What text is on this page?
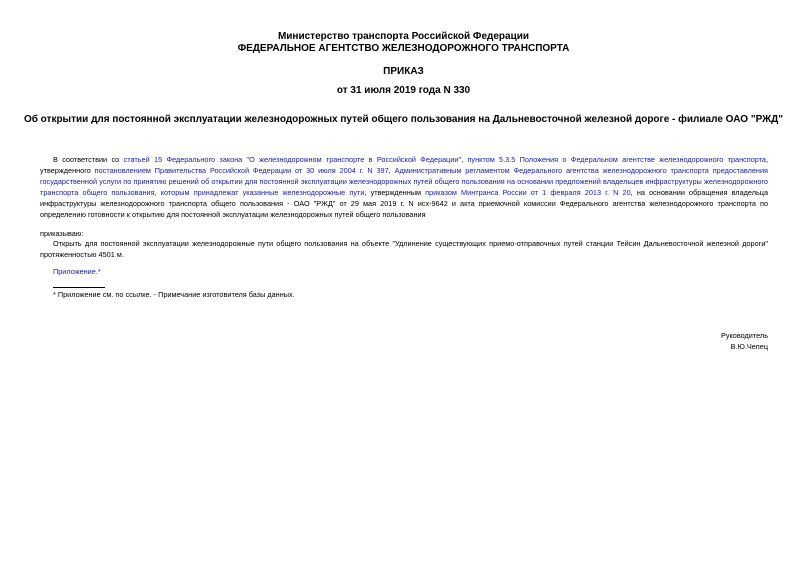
Министерство транспорта Российской Федерации
ФЕДЕРАЛЬНОЕ АГЕНТСТВО ЖЕЛЕЗНОДОРОЖНОГО ТРАНСПОРТА
ПРИКАЗ
от 31 июля 2019 года N 330
Об открытии для постоянной эксплуатации железнодорожных путей общего пользования на Дальневосточной железной дороге - филиале ОАО "РЖД"
В соответствии со статьей 15 Федерального закона "О железнодорожном транспорте в Российской Федерации", пунктом 5.3.5 Положения о Федеральном агентстве железнодорожного транспорта, утвержденного постановлением Правительства Российской Федерации от 30 июля 2004 г. N 397, Административным регламентом Федерального агентства железнодорожного транспорта предоставления государственной услуги по принятию решений об открытии для постоянной эксплуатации железнодорожных путей общего пользования на основании предложений владельцев инфраструктуры железнодорожного транспорта общего пользования, которым принадлежат указанные железнодорожные пути, утвержденным приказом Минтранса России от 1 февраля 2013 г. N 20, на основании обращения владельца инфраструктуры железнодорожного транспорта общего пользования - ОАО "РЖД" от 29 мая 2019 г. N исх-9642 и акта приемочной комиссии Федерального агентства железнодорожного транспорта по определению готовности к открытию для постоянной эксплуатации железнодорожных путей общего пользования
приказываю:
Открыть для постоянной эксплуатации железнодорожные пути общего пользования на объекте "Удлинение существующих приемо-отправочных путей станции Тейсин Дальневосточной железной дороги" протяженностью 4501 м.
Приложение.*
* Приложение см. по ссылке. - Примечание изготовителя базы данных.
Руководитель
В.Ю.Чепец
